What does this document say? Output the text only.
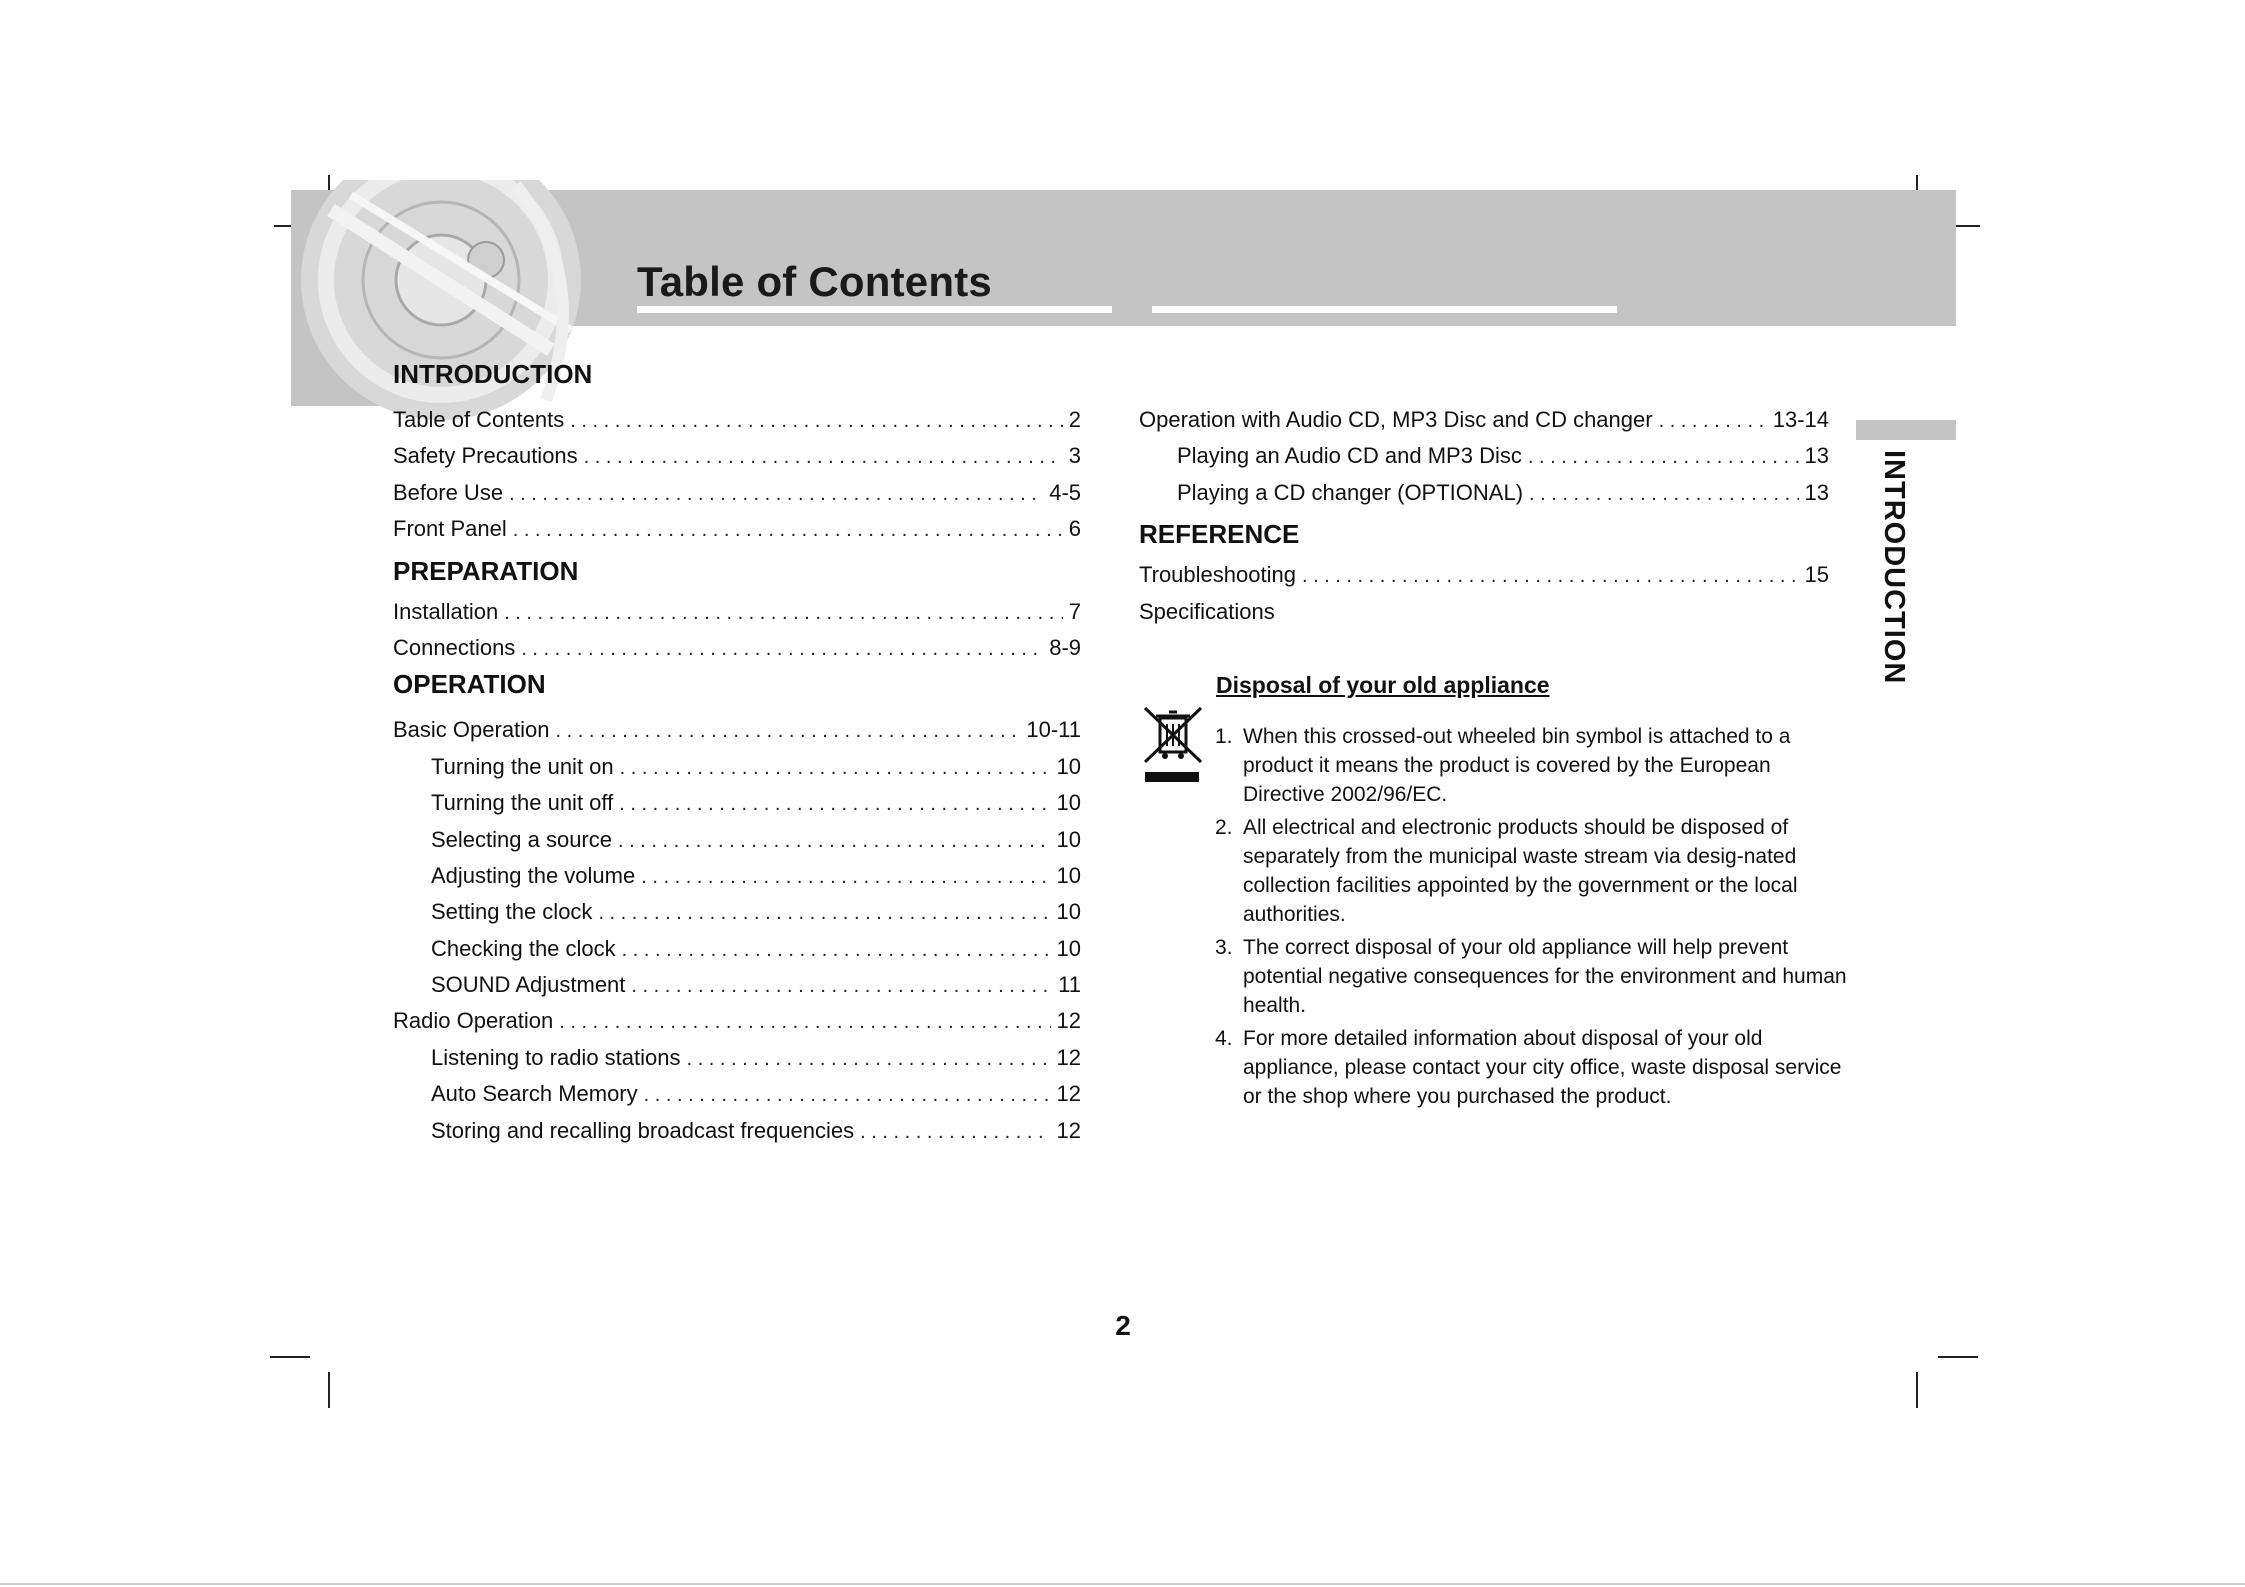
Table of Contents
INTRODUCTION
Table of Contents . . .	2
Safety Precautions . . .	3
Before Use . . .	4-5
Front Panel . . .	6
PREPARATION
Installation . . .	7
Connections . . .	8-9
OPERATION
Basic Operation . . .	10-11
Turning the unit on . . .	10
Turning the unit off . . .	10
Selecting a source . . .	10
Adjusting the volume . . .	10
Setting the clock . . .	10
Checking the clock . . .	10
SOUND Adjustment . . .	11
Radio Operation . . .	12
Listening to radio stations . . .	12
Auto Search Memory . . .	12
Storing and recalling broadcast frequencies . . .	12
Operation with Audio CD, MP3 Disc and CD changer . . .	13-14
Playing an Audio CD and MP3 Disc . . .	13
Playing a CD changer (OPTIONAL) . . .	13
REFERENCE
Troubleshooting . . .	15
Specifications
Disposal of your old appliance
1. When this crossed-out wheeled bin symbol is attached to a product it means the product is covered by the European Directive 2002/96/EC.
2. All electrical and electronic products should be disposed of separately from the municipal waste stream via desig-nated collection facilities appointed by the government or the local authorities.
3. The correct disposal of your old appliance will help prevent potential negative consequences for the environment and human health.
4. For more detailed information about disposal of your old appliance, please contact your city office, waste disposal service or the shop where you purchased the product.
INTRODUCTION
2
